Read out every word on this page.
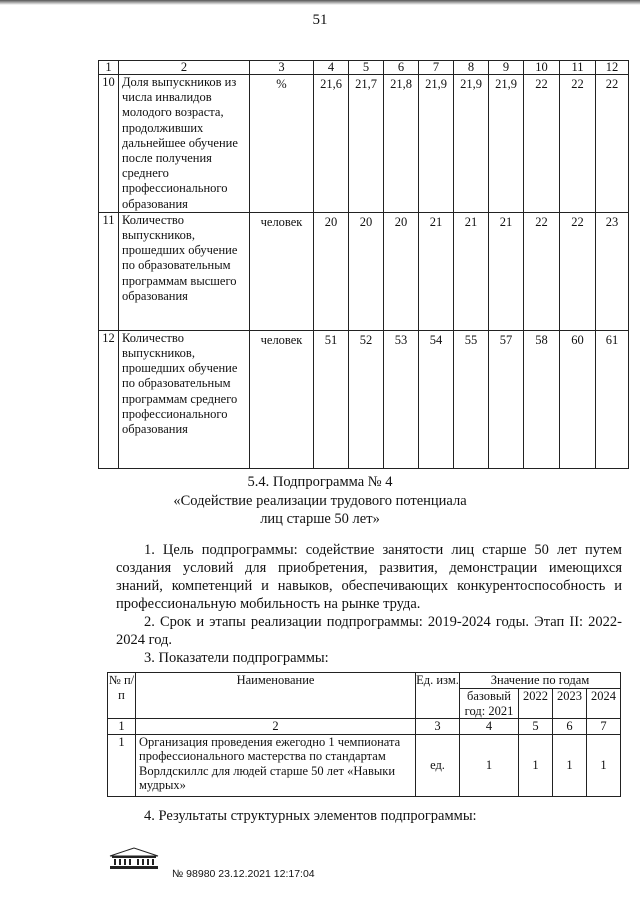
51
1	2	3	4	5	6	7	8	9	10	11	12
10	Доля выпускников из числа инвалидов молодого возраста, продолживших дальнейшее обучение после получения среднего профессионального образования	%	21,6	21,7	21,8	21,9	21,9	21,9	22	22	22
11	Количество выпускников, прошедших обучение по образовательным программам высшего образования	человек	20	20	20	21	21	21	22	22	23
12	Количество выпускников, прошедших обучение по образовательным программам среднего профессионального образования	человек	51	52	53	54	55	57	58	60	61
5.4. Подпрограмма № 4
«Содействие реализации трудового потенциала
лиц старше 50 лет»
1. Цель подпрограммы: содействие занятости лиц старше 50 лет путем создания условий для приобретения, развития, демонстрации имеющихся знаний, компетенций и навыков, обеспечивающих конкурентоспособность и профессиональную мобильность на рынке труда.
2. Срок и этапы реализации подпрограммы: 2019-2024 годы. Этап II: 2022-2024 год.
3. Показатели подпрограммы:
№ п/п	Наименование	Ед. изм.	Значение по годам			
			базовый год: 2021	2022	2023	2024
1	2	3	4	5	6	7
1	Организация проведения ежегодно 1 чемпионата профессионального мастерства по стандартам Ворлдскиллс для людей старше 50 лет «Навыки мудрых»	ед.	1	1	1	1
4. Результаты структурных элементов подпрограммы:
№ 98980 23.12.2021 12:17:04
